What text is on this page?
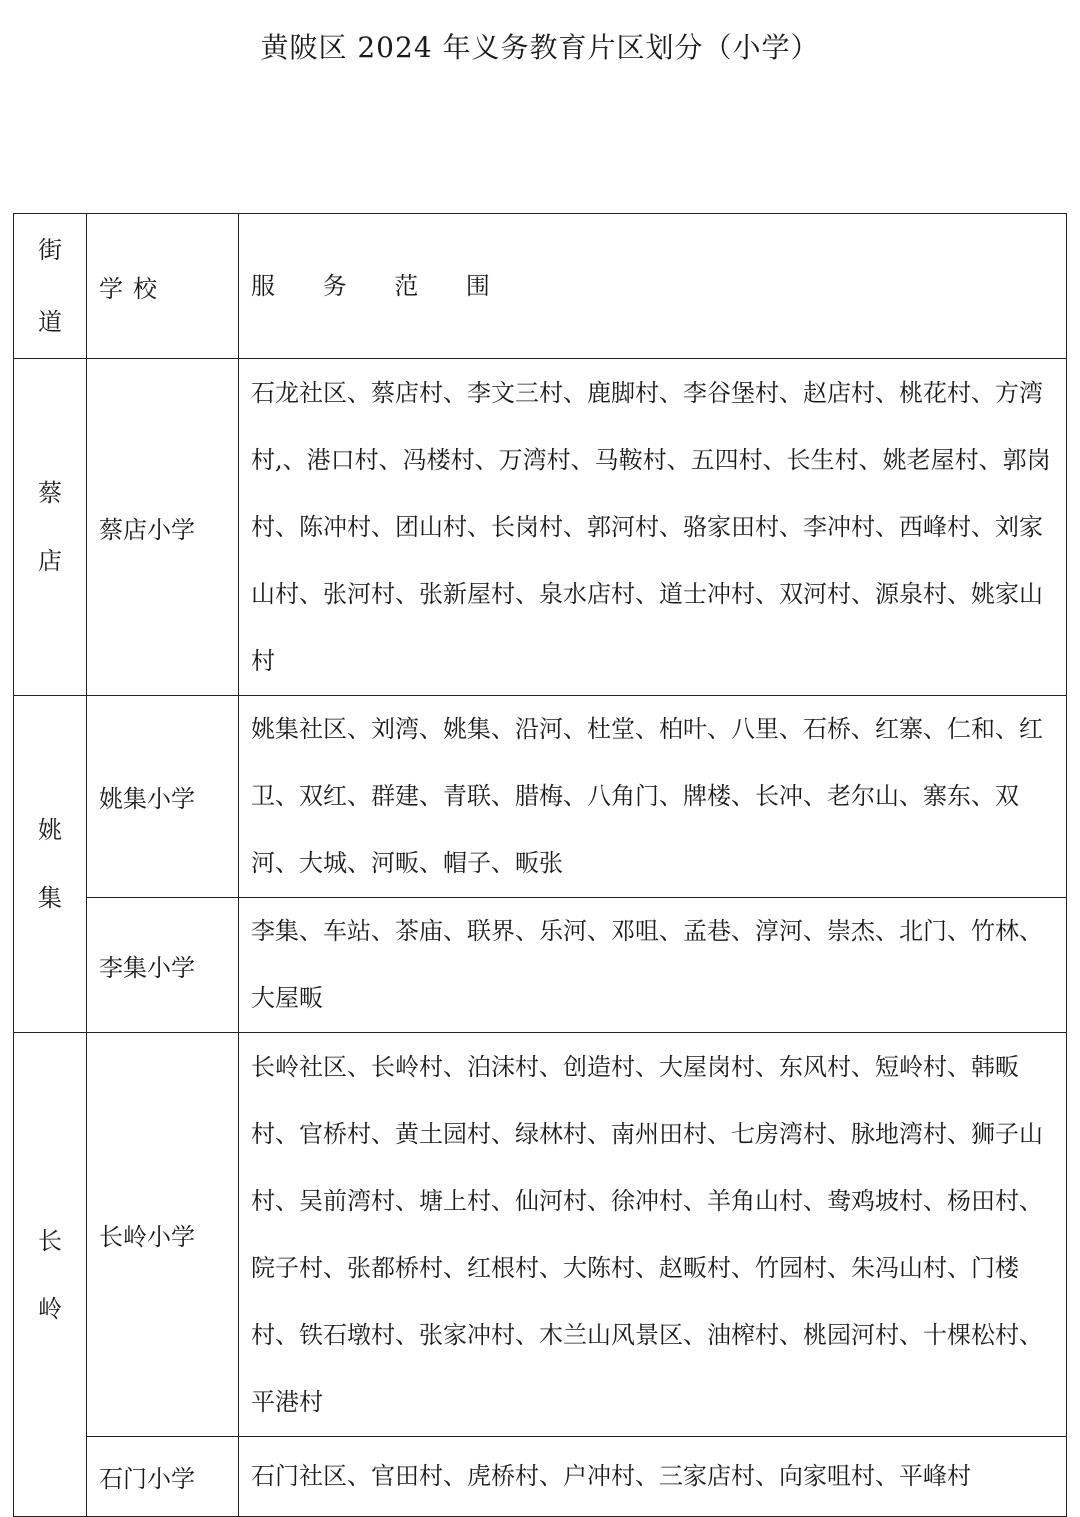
黄陂区 2024 年义务教育片区划分（小学）
街道	学校	服 务 范 围

蔡店	蔡店小学	石龙社区、蔡店村、李文三村、鹿脚村、李谷堡村、赵店村、桃花村、方湾村,、港口村、冯楼村、万湾村、马鞍村、五四村、长生村、姚老屋村、郭岗村、陈冲村、团山村、长岗村、郭河村、骆家田村、李冲村、西峰村、刘家山村、张河村、张新屋村、泉水店村、道士冲村、双河村、源泉村、姚家山村

姚集	姚集小学	姚集社区、刘湾、姚集、沿河、杜堂、柏叶、八里、石桥、红寨、仁和、红卫、双红、群建、青联、腊梅、八角门、牌楼、长冲、老尔山、寨东、双河、大城、河畈、帽子、畈张
	李集小学	李集、车站、茶庙、联界、乐河、邓咀、孟巷、淳河、崇杰、北门、竹林、大屋畈

长岭	长岭小学	长岭社区、长岭村、泊沫村、创造村、大屋岗村、东风村、短岭村、韩畈村、官桥村、黄土园村、绿林村、南州田村、七房湾村、脉地湾村、狮子山村、吴前湾村、塘上村、仙河村、徐冲村、羊角山村、鸯鸡坡村、杨田村、院子村、张都桥村、红根村、大陈村、赵畈村、竹园村、朱冯山村、门楼村、铁石墩村、张家冲村、木兰山风景区、油榨村、桃园河村、十棵松村、平港村
	石门小学	石门社区、官田村、虎桥村、户冲村、三家店村、向家咀村、平峰村
